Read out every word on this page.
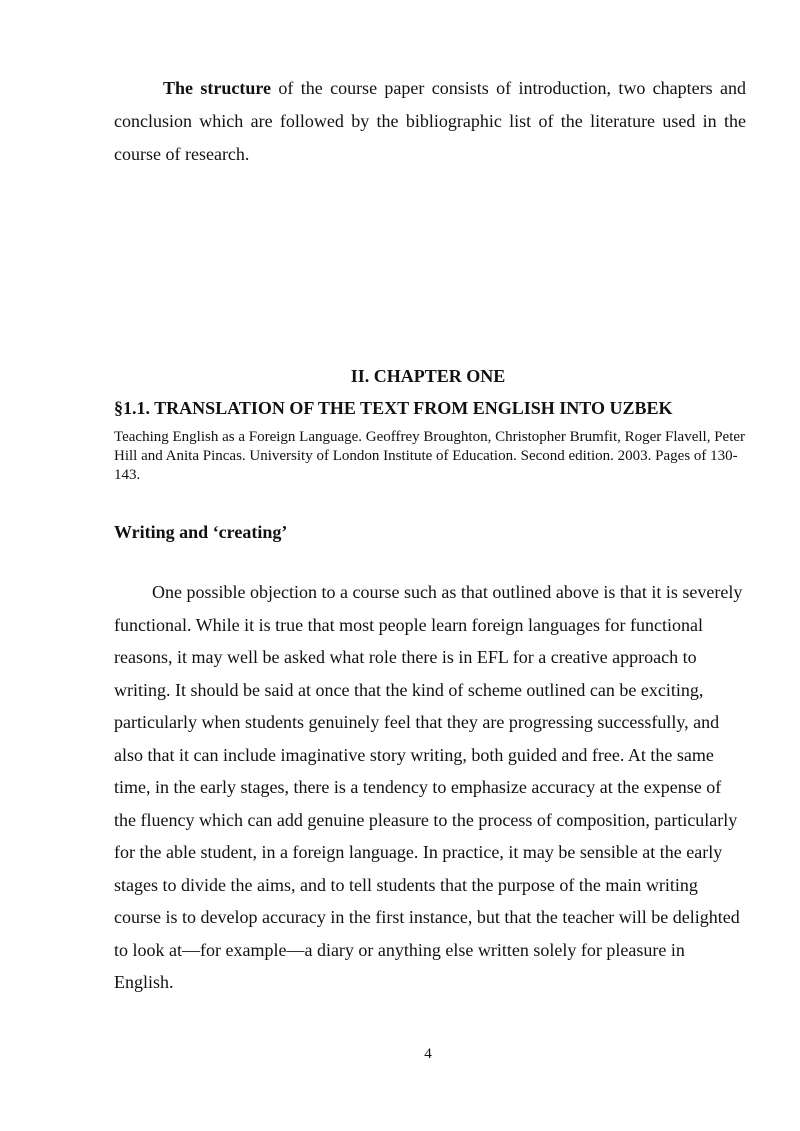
The structure of the course paper consists of introduction, two chapters and conclusion which are followed by the bibliographic list of the literature used in the course of research.

II. CHAPTER ONE
§1.1. TRANSLATION OF THE TEXT FROM ENGLISH INTO UZBEK

Teaching English as a Foreign Language. Geoffrey Broughton, Christopher Brumfit, Roger Flavell, Peter Hill and Anita Pincas. University of London Institute of Education. Second edition. 2003. Pages of 130-143.

Writing and ‘creating’

One possible objection to a course such as that outlined above is that it is severely functional. While it is true that most people learn foreign languages for functional reasons, it may well be asked what role there is in EFL for a creative approach to writing. It should be said at once that the kind of scheme outlined can be exciting, particularly when students genuinely feel that they are progressing successfully, and also that it can include imaginative story writing, both guided and free. At the same time, in the early stages, there is a tendency to emphasize accuracy at the expense of the fluency which can add genuine pleasure to the process of composition, particularly for the able student, in a foreign language. In practice, it may be sensible at the early stages to divide the aims, and to tell students that the purpose of the main writing course is to develop accuracy in the first instance, but that the teacher will be delighted to look at—for example—a diary or anything else written solely for pleasure in English.

4
